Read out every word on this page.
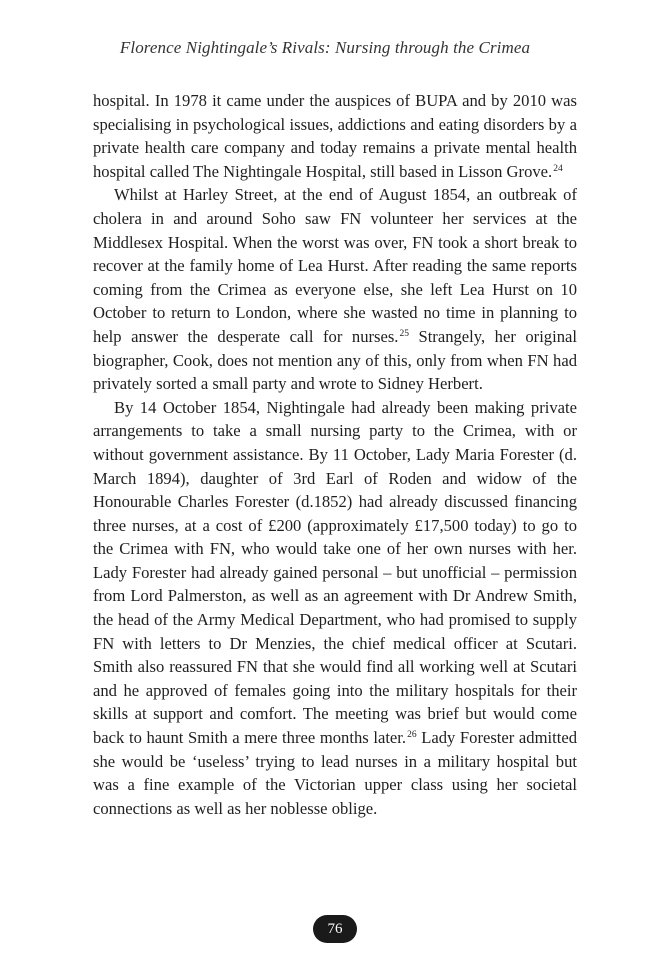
Florence Nightingale’s Rivals: Nursing through the Crimea

hospital. In 1978 it came under the auspices of BUPA and by 2010 was specialising in psychological issues, addictions and eating disorders by a private health care company and today remains a private mental health hospital called The Nightingale Hospital, still based in Lisson Grove.$^{24}$

Whilst at Harley Street, at the end of August 1854, an outbreak of cholera in and around Soho saw FN volunteer her services at the Middlesex Hospital. When the worst was over, FN took a short break to recover at the family home of Lea Hurst. After reading the same reports coming from the Crimea as everyone else, she left Lea Hurst on 10 October to return to London, where she wasted no time in planning to help answer the desperate call for nurses.$^{25}$ Strangely, her original biographer, Cook, does not mention any of this, only from when FN had privately sorted a small party and wrote to Sidney Herbert.

By 14 October 1854, Nightingale had already been making private arrangements to take a small nursing party to the Crimea, with or without government assistance. By 11 October, Lady Maria Forester (d. March 1894), daughter of 3rd Earl of Roden and widow of the Honourable Charles Forester (d.1852) had already discussed financing three nurses, at a cost of £200 (approximately £17,500 today) to go to the Crimea with FN, who would take one of her own nurses with her. Lady Forester had already gained personal – but unofficial – permission from Lord Palmerston, as well as an agreement with Dr Andrew Smith, the head of the Army Medical Department, who had promised to supply FN with letters to Dr Menzies, the chief medical officer at Scutari. Smith also reassured FN that she would find all working well at Scutari and he approved of females going into the military hospitals for their skills at support and comfort. The meeting was brief but would come back to haunt Smith a mere three months later.$^{26}$ Lady Forester admitted she would be ‘useless’ trying to lead nurses in a military hospital but was a fine example of the Victorian upper class using her societal connections as well as her noblesse oblige.

76
